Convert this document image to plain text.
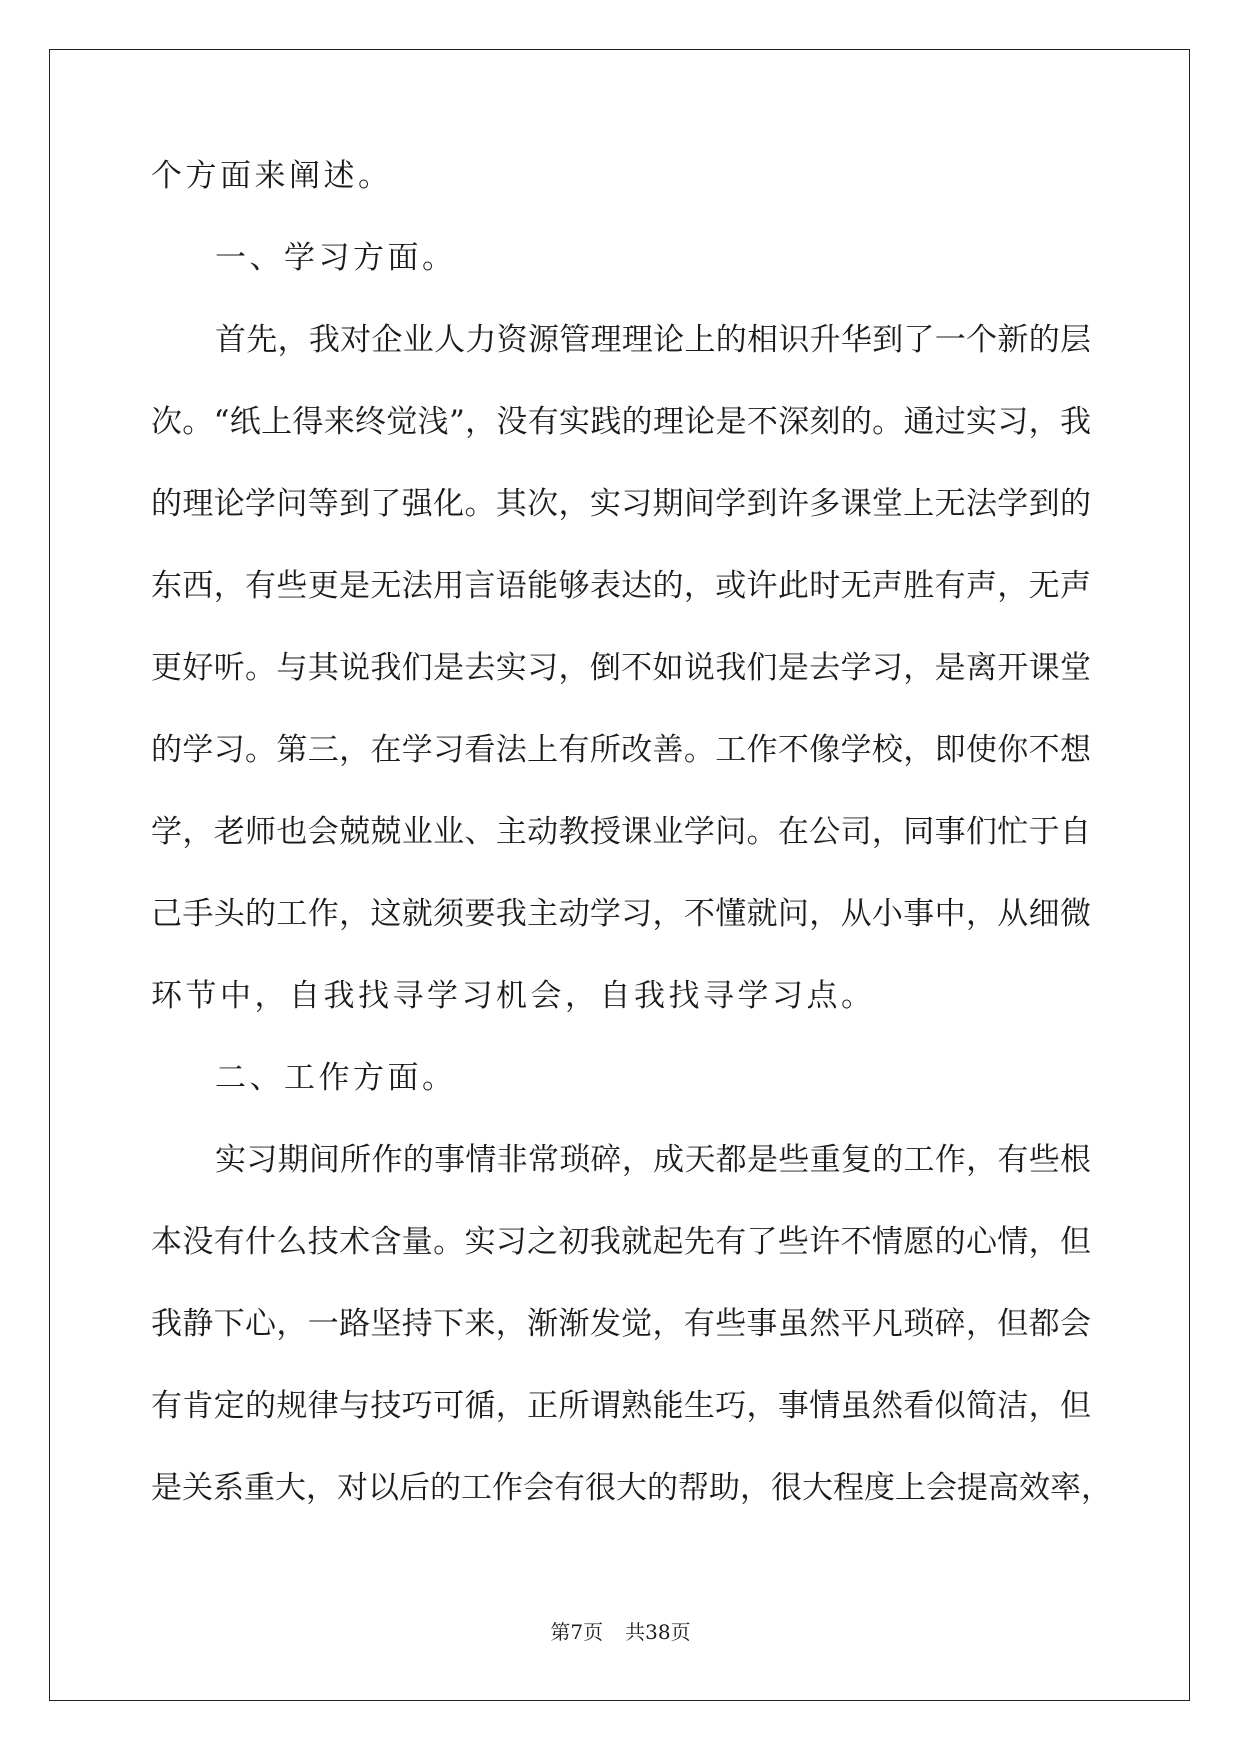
个方面来阐述。
一、学习方面。
首先，我对企业人力资源管理理论上的相识升华到了一个新的层
次。“纸上得来终觉浅”，没有实践的理论是不深刻的。通过实习，我
的理论学问等到了强化。其次，实习期间学到许多课堂上无法学到的
东西，有些更是无法用言语能够表达的，或许此时无声胜有声，无声
更好听。与其说我们是去实习，倒不如说我们是去学习，是离开课堂
的学习。第三，在学习看法上有所改善。工作不像学校，即使你不想
学，老师也会兢兢业业、主动教授课业学问。在公司，同事们忙于自
己手头的工作，这就须要我主动学习，不懂就问，从小事中，从细微
环节中，自我找寻学习机会，自我找寻学习点。
二、工作方面。
实习期间所作的事情非常琐碎，成天都是些重复的工作，有些根
本没有什么技术含量。实习之初我就起先有了些许不情愿的心情，但
我静下心，一路坚持下来，渐渐发觉，有些事虽然平凡琐碎，但都会
有肯定的规律与技巧可循，正所谓熟能生巧，事情虽然看似简洁，但
是关系重大，对以后的工作会有很大的帮助，很大程度上会提高效率，
第7页 共38页
